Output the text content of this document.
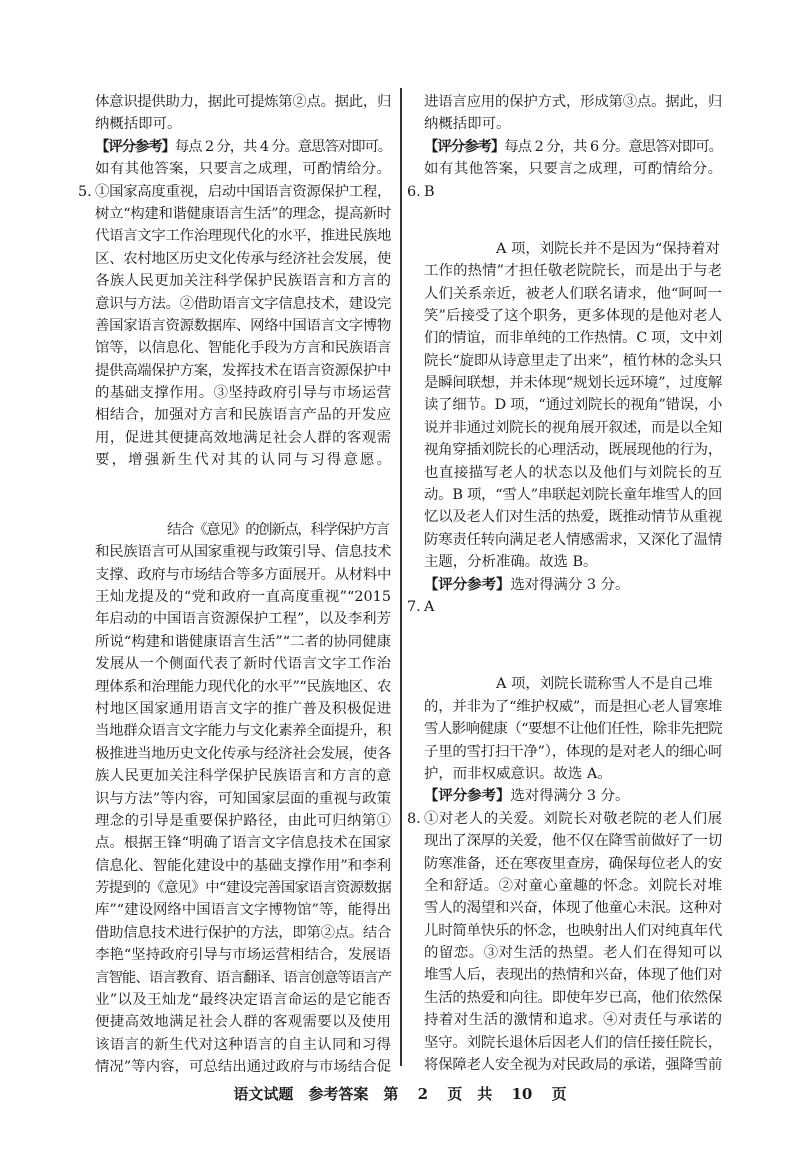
体意识提供助力，据此可提炼第②点。据此，归
纳概括即可。
【评分参考】每点 2 分，共 4 分。意思答对即可。
如有其他答案，只要言之成理，可酌情给分。
5. ①国家高度重视，启动中国语言资源保护工程，
树立“构建和谐健康语言生活”的理念，提高新时
代语言文字工作治理现代化的水平，推进民族地
区、农村地区历史文化传承与经济社会发展，使
各族人民更加关注科学保护民族语言和方言的
意识与方法。②借助语言文字信息技术，建设完
善国家语言资源数据库、网络中国语言文字博物
馆等，以信息化、智能化手段为方言和民族语言
提供高端保护方案，发挥技术在语言资源保护中
的基础支撑作用。③坚持政府引导与市场运营
相结合，加强对方言和民族语言产品的开发应
用，促进其便捷高效地满足社会人群的客观需
要，增强新生代对其的认同与习得意愿。
结合《意见》的创新点，科学保护方言
和民族语言可从国家重视与政策引导、信息技术
支撑、政府与市场结合等多方面展开。从材料中
王灿龙提及的“党和政府一直高度重视”“2015
年启动的中国语言资源保护工程”，以及李利芳
所说“构建和谐健康语言生活”“二者的协同健康
发展从一个侧面代表了新时代语言文字工作治
理体系和治理能力现代化的水平”“民族地区、农
村地区国家通用语言文字的推广普及积极促进
当地群众语言文字能力与文化素养全面提升，积
极推进当地历史文化传承与经济社会发展，使各
族人民更加关注科学保护民族语言和方言的意
识与方法”等内容，可知国家层面的重视与政策
理念的引导是重要保护路径，由此可归纳第①
点。根据王锋“明确了语言文字信息技术在国家
信息化、智能化建设中的基础支撑作用”和李利
芳提到的《意见》中“建设完善国家语言资源数据
库”“建设网络中国语言文字博物馆”等，能得出
借助信息技术进行保护的方法，即第②点。结合
李艳“坚持政府引导与市场运营相结合，发展语
言智能、语言教育、语言翻译、语言创意等语言产
业”以及王灿龙“最终决定语言命运的是它能否
便捷高效地满足社会人群的客观需要以及使用
该语言的新生代对这种语言的自主认同和习得
情况”等内容，可总结出通过政府与市场结合促
进语言应用的保护方式，形成第③点。据此，归
纳概括即可。
【评分参考】每点 2 分，共 6 分。意思答对即可。
如有其他答案，只要言之成理，可酌情给分。
6. B
A 项，刘院长并不是因为“保持着对
工作的热情”才担任敬老院院长，而是出于与老
人们关系亲近，被老人们联名请求，他“呵呵一
笑”后接受了这个职务，更多体现的是他对老人
们的情谊，而非单纯的工作热情。C 项，文中刘
院长“旋即从诗意里走了出来”，植竹林的念头只
是瞬间联想，并未体现“规划长远环境”，过度解
读了细节。D 项，“通过刘院长的视角”错误，小
说并非通过刘院长的视角展开叙述，而是以全知
视角穿插刘院长的心理活动，既展现他的行为，
也直接描写老人的状态以及他们与刘院长的互
动。B 项，“雪人”串联起刘院长童年堆雪人的回
忆以及老人们对生活的热爱，既推动情节从重视
防寒责任转向满足老人情感需求，又深化了温情
主题，分析准确。故选 B。
【评分参考】选对得满分 3 分。
7. A
A 项，刘院长谎称雪人不是自己堆
的，并非为了“维护权威”，而是担心老人冒寒堆
雪人影响健康（“要想不让他们任性，除非先把院
子里的雪打扫干净”），体现的是对老人的细心呵
护，而非权威意识。故选 A。
【评分参考】选对得满分 3 分。
8. ①对老人的关爱。刘院长对敬老院的老人们展
现出了深厚的关爱，他不仅在降雪前做好了一切
防寒准备，还在寒夜里查房，确保每位老人的安
全和舒适。②对童心童趣的怀念。刘院长对堆
雪人的渴望和兴奋，体现了他童心未泯。这种对
儿时简单快乐的怀念，也映射出人们对纯真年代
的留恋。③对生活的热望。老人们在得知可以
堆雪人后，表现出的热情和兴奋，体现了他们对
生活的热爱和向往。即使年岁已高，他们依然保
持着对生活的激情和追求。④对责任与承诺的
坚守。刘院长退休后因老人们的信任接任院长，
将保障老人安全视为对民政局的承诺，强降雪前
语文试题　参考答案　第 2 页　共 10 页
